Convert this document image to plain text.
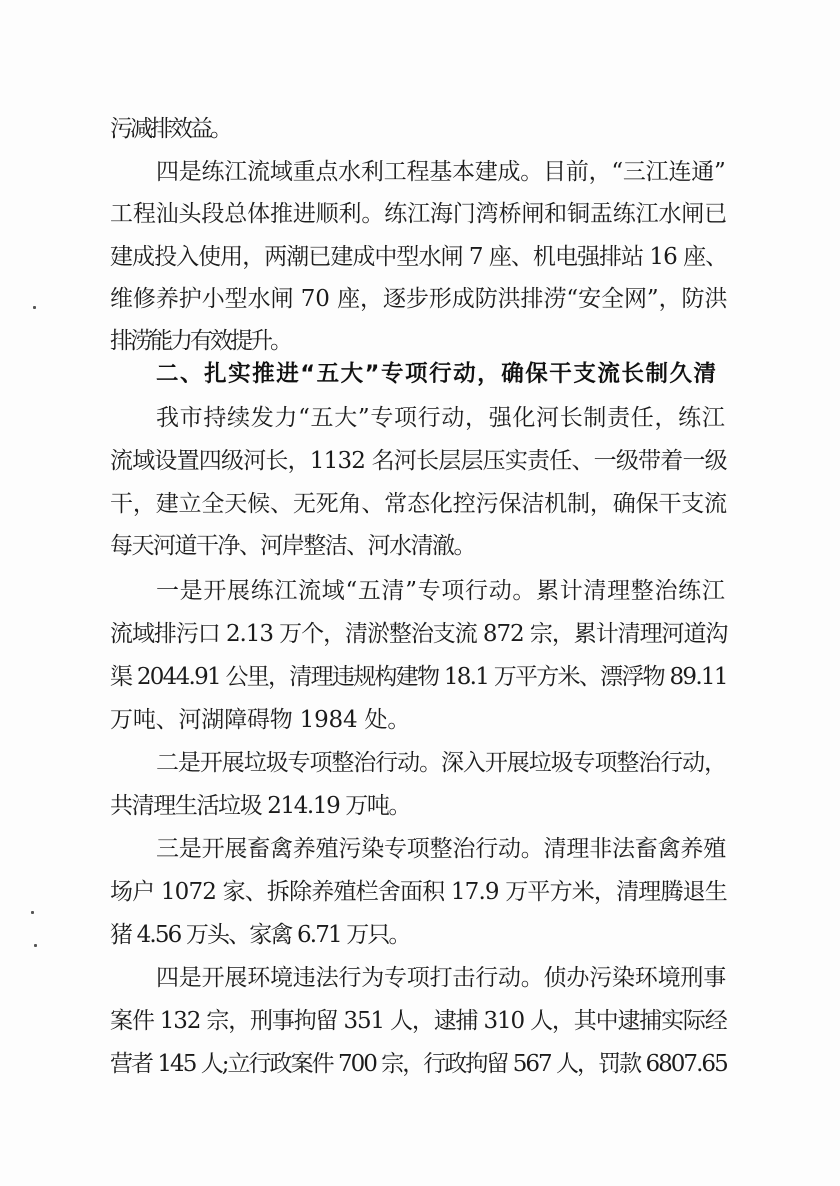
污减排效益。
四是练江流域重点水利工程基本建成。目前，“三江连通”
工程汕头段总体推进顺利。练江海门湾桥闸和铜盂练江水闸已
建成投入使用，两潮已建成中型水闸 7 座、机电强排站 16 座、
维修养护小型水闸 70 座，逐步形成防洪排涝“安全网”，防洪
排涝能力有效提升。
二、扎实推进“五大”专项行动，确保干支流长制久清
我市持续发力“五大”专项行动，强化河长制责任，练江
流域设置四级河长，1132 名河长层层压实责任、一级带着一级
干，建立全天候、无死角、常态化控污保洁机制，确保干支流
每天河道干净、河岸整洁、河水清澈。
一是开展练江流域“五清”专项行动。累计清理整治练江
流域排污口 2.13 万个，清淤整治支流 872 宗，累计清理河道沟
渠 2044.91 公里，清理违规构建物 18.1 万平方米、漂浮物 89.11
万吨、河湖障碍物 1984 处。
二是开展垃圾专项整治行动。深入开展垃圾专项整治行动，
共清理生活垃圾 214.19 万吨。
三是开展畜禽养殖污染专项整治行动。清理非法畜禽养殖
场户 1072 家、拆除养殖栏舍面积 17.9 万平方米，清理腾退生
猪 4.56 万头、家禽 6.71 万只。
四是开展环境违法行为专项打击行动。侦办污染环境刑事
案件 132 宗，刑事拘留 351 人，逮捕 310 人，其中逮捕实际经
营者 145 人;立行政案件 700 宗，行政拘留 567 人，罚款 6807.65
